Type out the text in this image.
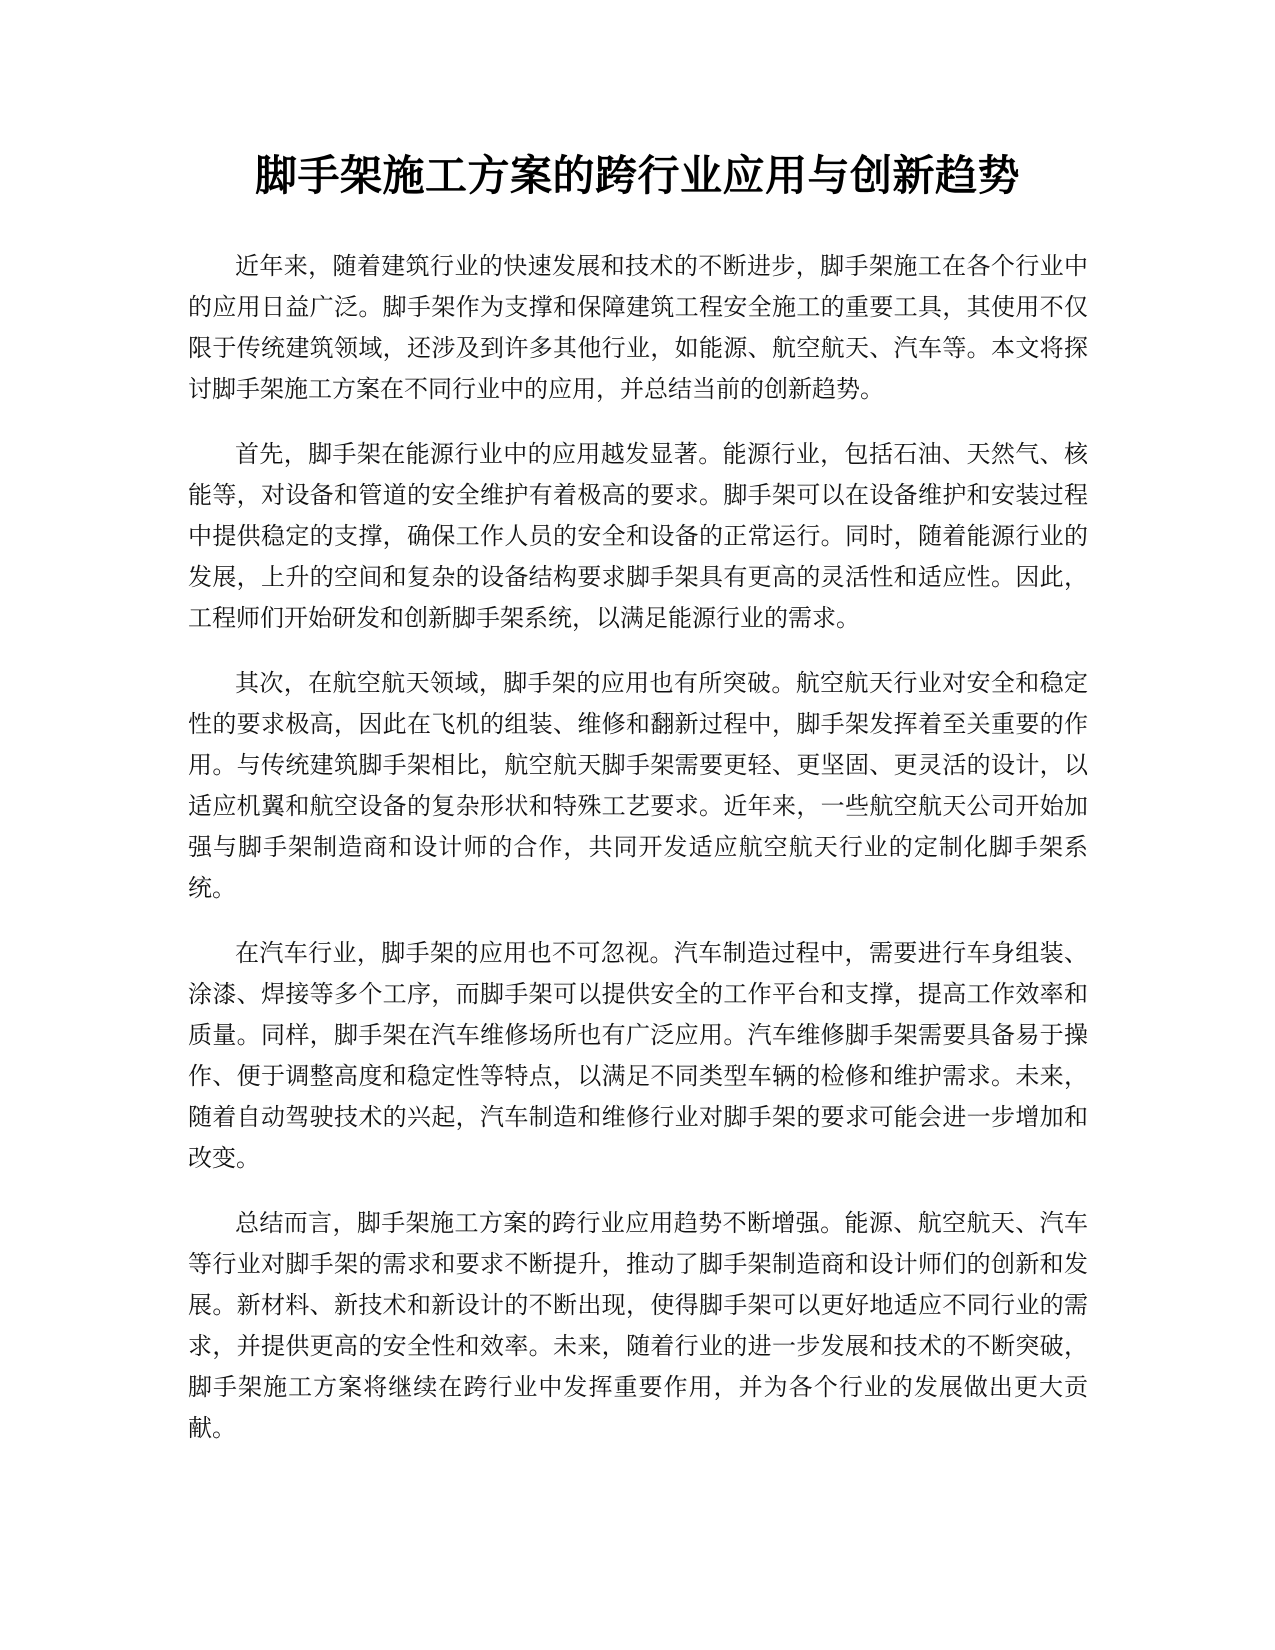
脚手架施工方案的跨行业应用与创新趋势

近年来，随着建筑行业的快速发展和技术的不断进步，脚手架施工在各个行业中的应用日益广泛。脚手架作为支撑和保障建筑工程安全施工的重要工具，其使用不仅限于传统建筑领域，还涉及到许多其他行业，如能源、航空航天、汽车等。本文将探讨脚手架施工方案在不同行业中的应用，并总结当前的创新趋势。

首先，脚手架在能源行业中的应用越发显著。能源行业，包括石油、天然气、核能等，对设备和管道的安全维护有着极高的要求。脚手架可以在设备维护和安装过程中提供稳定的支撑，确保工作人员的安全和设备的正常运行。同时，随着能源行业的发展，上升的空间和复杂的设备结构要求脚手架具有更高的灵活性和适应性。因此，工程师们开始研发和创新脚手架系统，以满足能源行业的需求。

其次，在航空航天领域，脚手架的应用也有所突破。航空航天行业对安全和稳定性的要求极高，因此在飞机的组装、维修和翻新过程中，脚手架发挥着至关重要的作用。与传统建筑脚手架相比，航空航天脚手架需要更轻、更坚固、更灵活的设计，以适应机翼和航空设备的复杂形状和特殊工艺要求。近年来，一些航空航天公司开始加强与脚手架制造商和设计师的合作，共同开发适应航空航天行业的定制化脚手架系统。

在汽车行业，脚手架的应用也不可忽视。汽车制造过程中，需要进行车身组装、涂漆、焊接等多个工序，而脚手架可以提供安全的工作平台和支撑，提高工作效率和质量。同样，脚手架在汽车维修场所也有广泛应用。汽车维修脚手架需要具备易于操作、便于调整高度和稳定性等特点，以满足不同类型车辆的检修和维护需求。未来，随着自动驾驶技术的兴起，汽车制造和维修行业对脚手架的要求可能会进一步增加和改变。

总结而言，脚手架施工方案的跨行业应用趋势不断增强。能源、航空航天、汽车等行业对脚手架的需求和要求不断提升，推动了脚手架制造商和设计师们的创新和发展。新材料、新技术和新设计的不断出现，使得脚手架可以更好地适应不同行业的需求，并提供更高的安全性和效率。未来，随着行业的进一步发展和技术的不断突破，脚手架施工方案将继续在跨行业中发挥重要作用，并为各个行业的发展做出更大贡献。
